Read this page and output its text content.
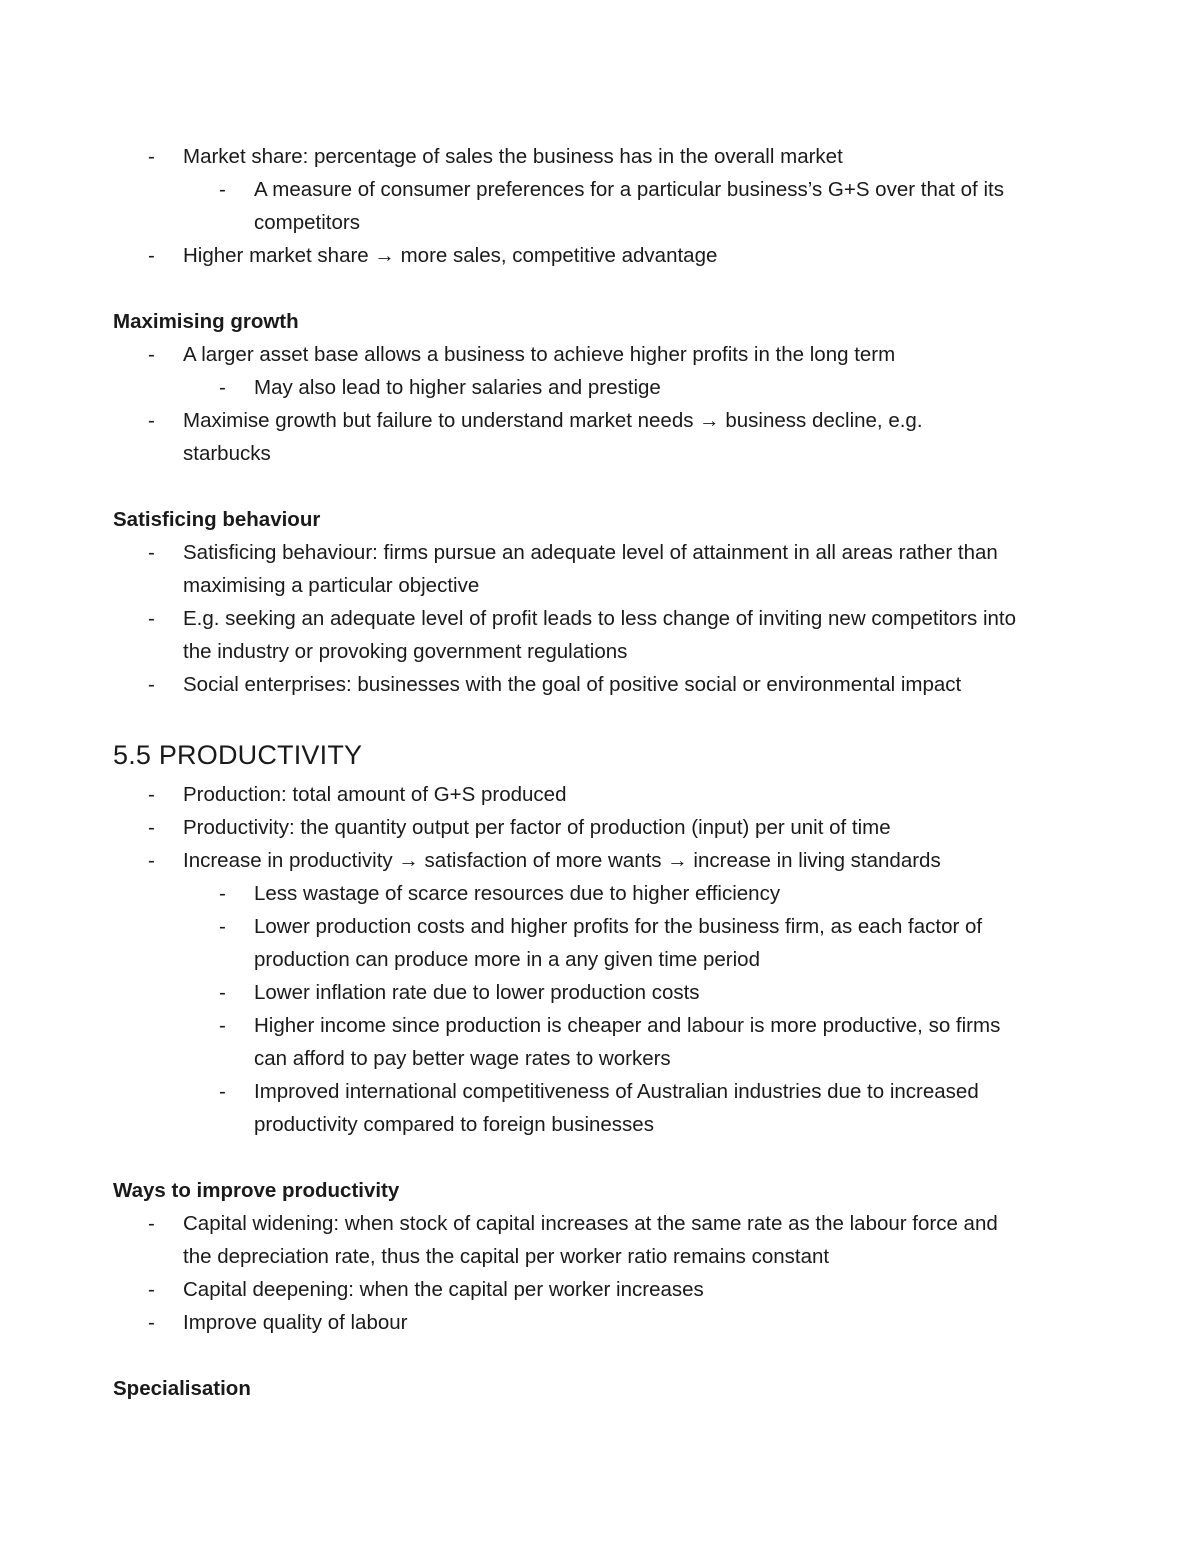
- Market share: percentage of sales the business has in the overall market
- A measure of consumer preferences for a particular business’s G+S over that of its
competitors
- Higher market share → more sales, competitive advantage
Maximising growth
- A larger asset base allows a business to achieve higher profits in the long term
- May also lead to higher salaries and prestige
- Maximise growth but failure to understand market needs → business decline, e.g.
starbucks
Satisficing behaviour
- Satisficing behaviour: firms pursue an adequate level of attainment in all areas rather than
maximising a particular objective
- E.g. seeking an adequate level of profit leads to less change of inviting new competitors into
the industry or provoking government regulations
- Social enterprises: businesses with the goal of positive social or environmental impact
5.5 PRODUCTIVITY
- Production: total amount of G+S produced
- Productivity: the quantity output per factor of production (input) per unit of time
- Increase in productivity → satisfaction of more wants → increase in living standards
- Less wastage of scarce resources due to higher efficiency
- Lower production costs and higher profits for the business firm, as each factor of
production can produce more in a any given time period
- Lower inflation rate due to lower production costs
- Higher income since production is cheaper and labour is more productive, so firms
can afford to pay better wage rates to workers
- Improved international competitiveness of Australian industries due to increased
productivity compared to foreign businesses
Ways to improve productivity
- Capital widening: when stock of capital increases at the same rate as the labour force and
the depreciation rate, thus the capital per worker ratio remains constant
- Capital deepening: when the capital per worker increases
- Improve quality of labour
Specialisation
